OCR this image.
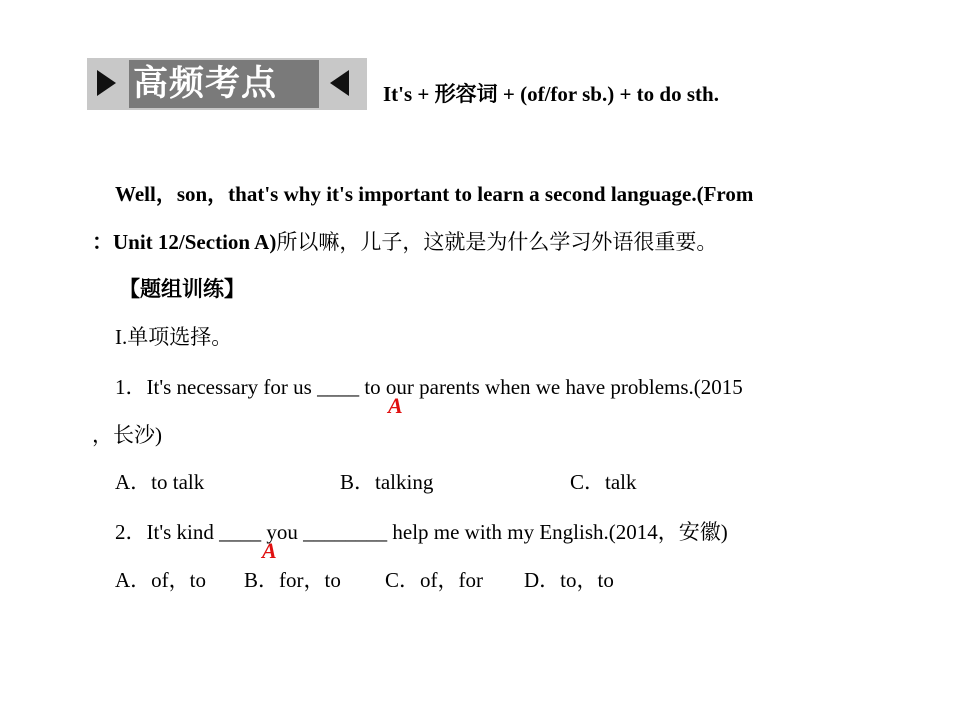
高频考点	It's + 形容词 + (of/for sb.) + to do sth.
Well，son，that's why it's important to learn a second language.(From
：Unit 12/Section A)所以嘛，儿子，这就是为什么学习外语很重要。
【题组训练】
I.单项选择。
1．It's necessary for us ____ to our parents when we have problems.(2015
A
，长沙)
A．to talk	B．talking	C．talk
2．It's kind ____ you ________ help me with my English.(2014，安徽)
A
A．of，to B．for，to C．of，for D．to，to
